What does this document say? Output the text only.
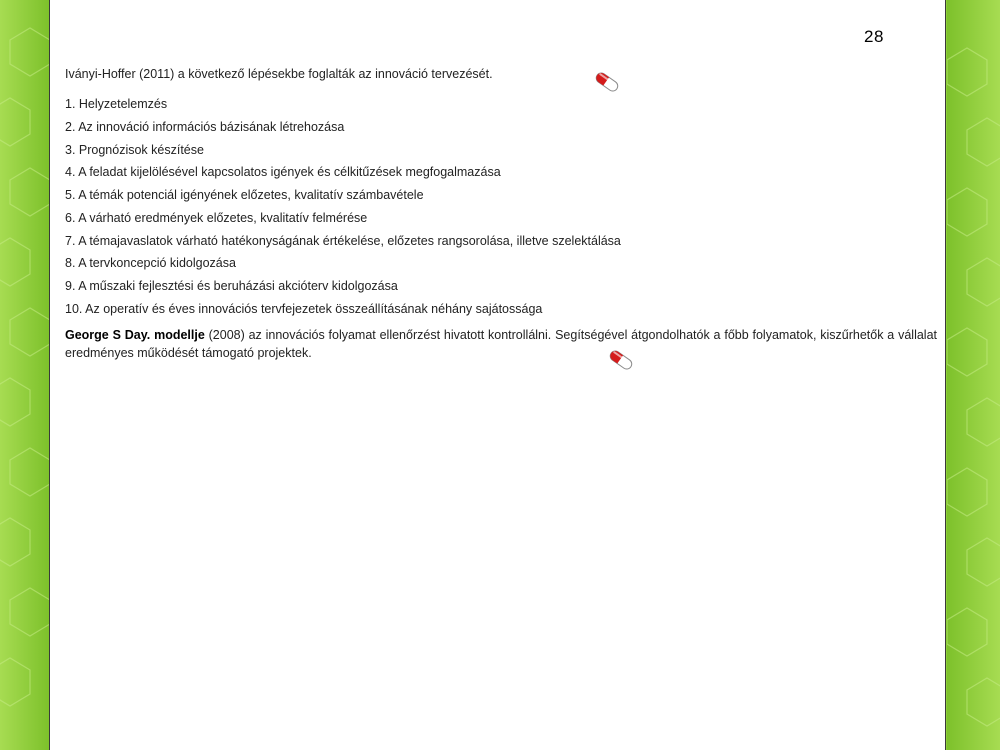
28
Iványi-Hoffer (2011) a következő lépésekbe foglalták az innováció tervezését.
1. Helyzetelemzés
2. Az innováció információs bázisának létrehozása
3. Prognózisok készítése
4. A feladat kijelölésével kapcsolatos igények és célkitűzések megfogalmazása
5. A témák potenciál igényének előzetes, kvalitatív számbavétele
6. A várható eredmények előzetes, kvalitatív felmérése
7. A témajavaslatok várható hatékonyságának értékelése, előzetes rangsorolása, illetve szelektálása
8. A tervkoncepció kidolgozása
9. A műszaki fejlesztési és beruházási akcióterv kidolgozása
10. Az operatív és éves innovációs tervfejezetek összeállításának néhány sajátossága

George S Day. modellje (2008) az innovációs folyamat ellenőrzést hivatott kontrollálni. Segítségével átgondolhatók a főbb folyamatok, kiszűrhetők a vállalat eredményes működését támogató projektek.
